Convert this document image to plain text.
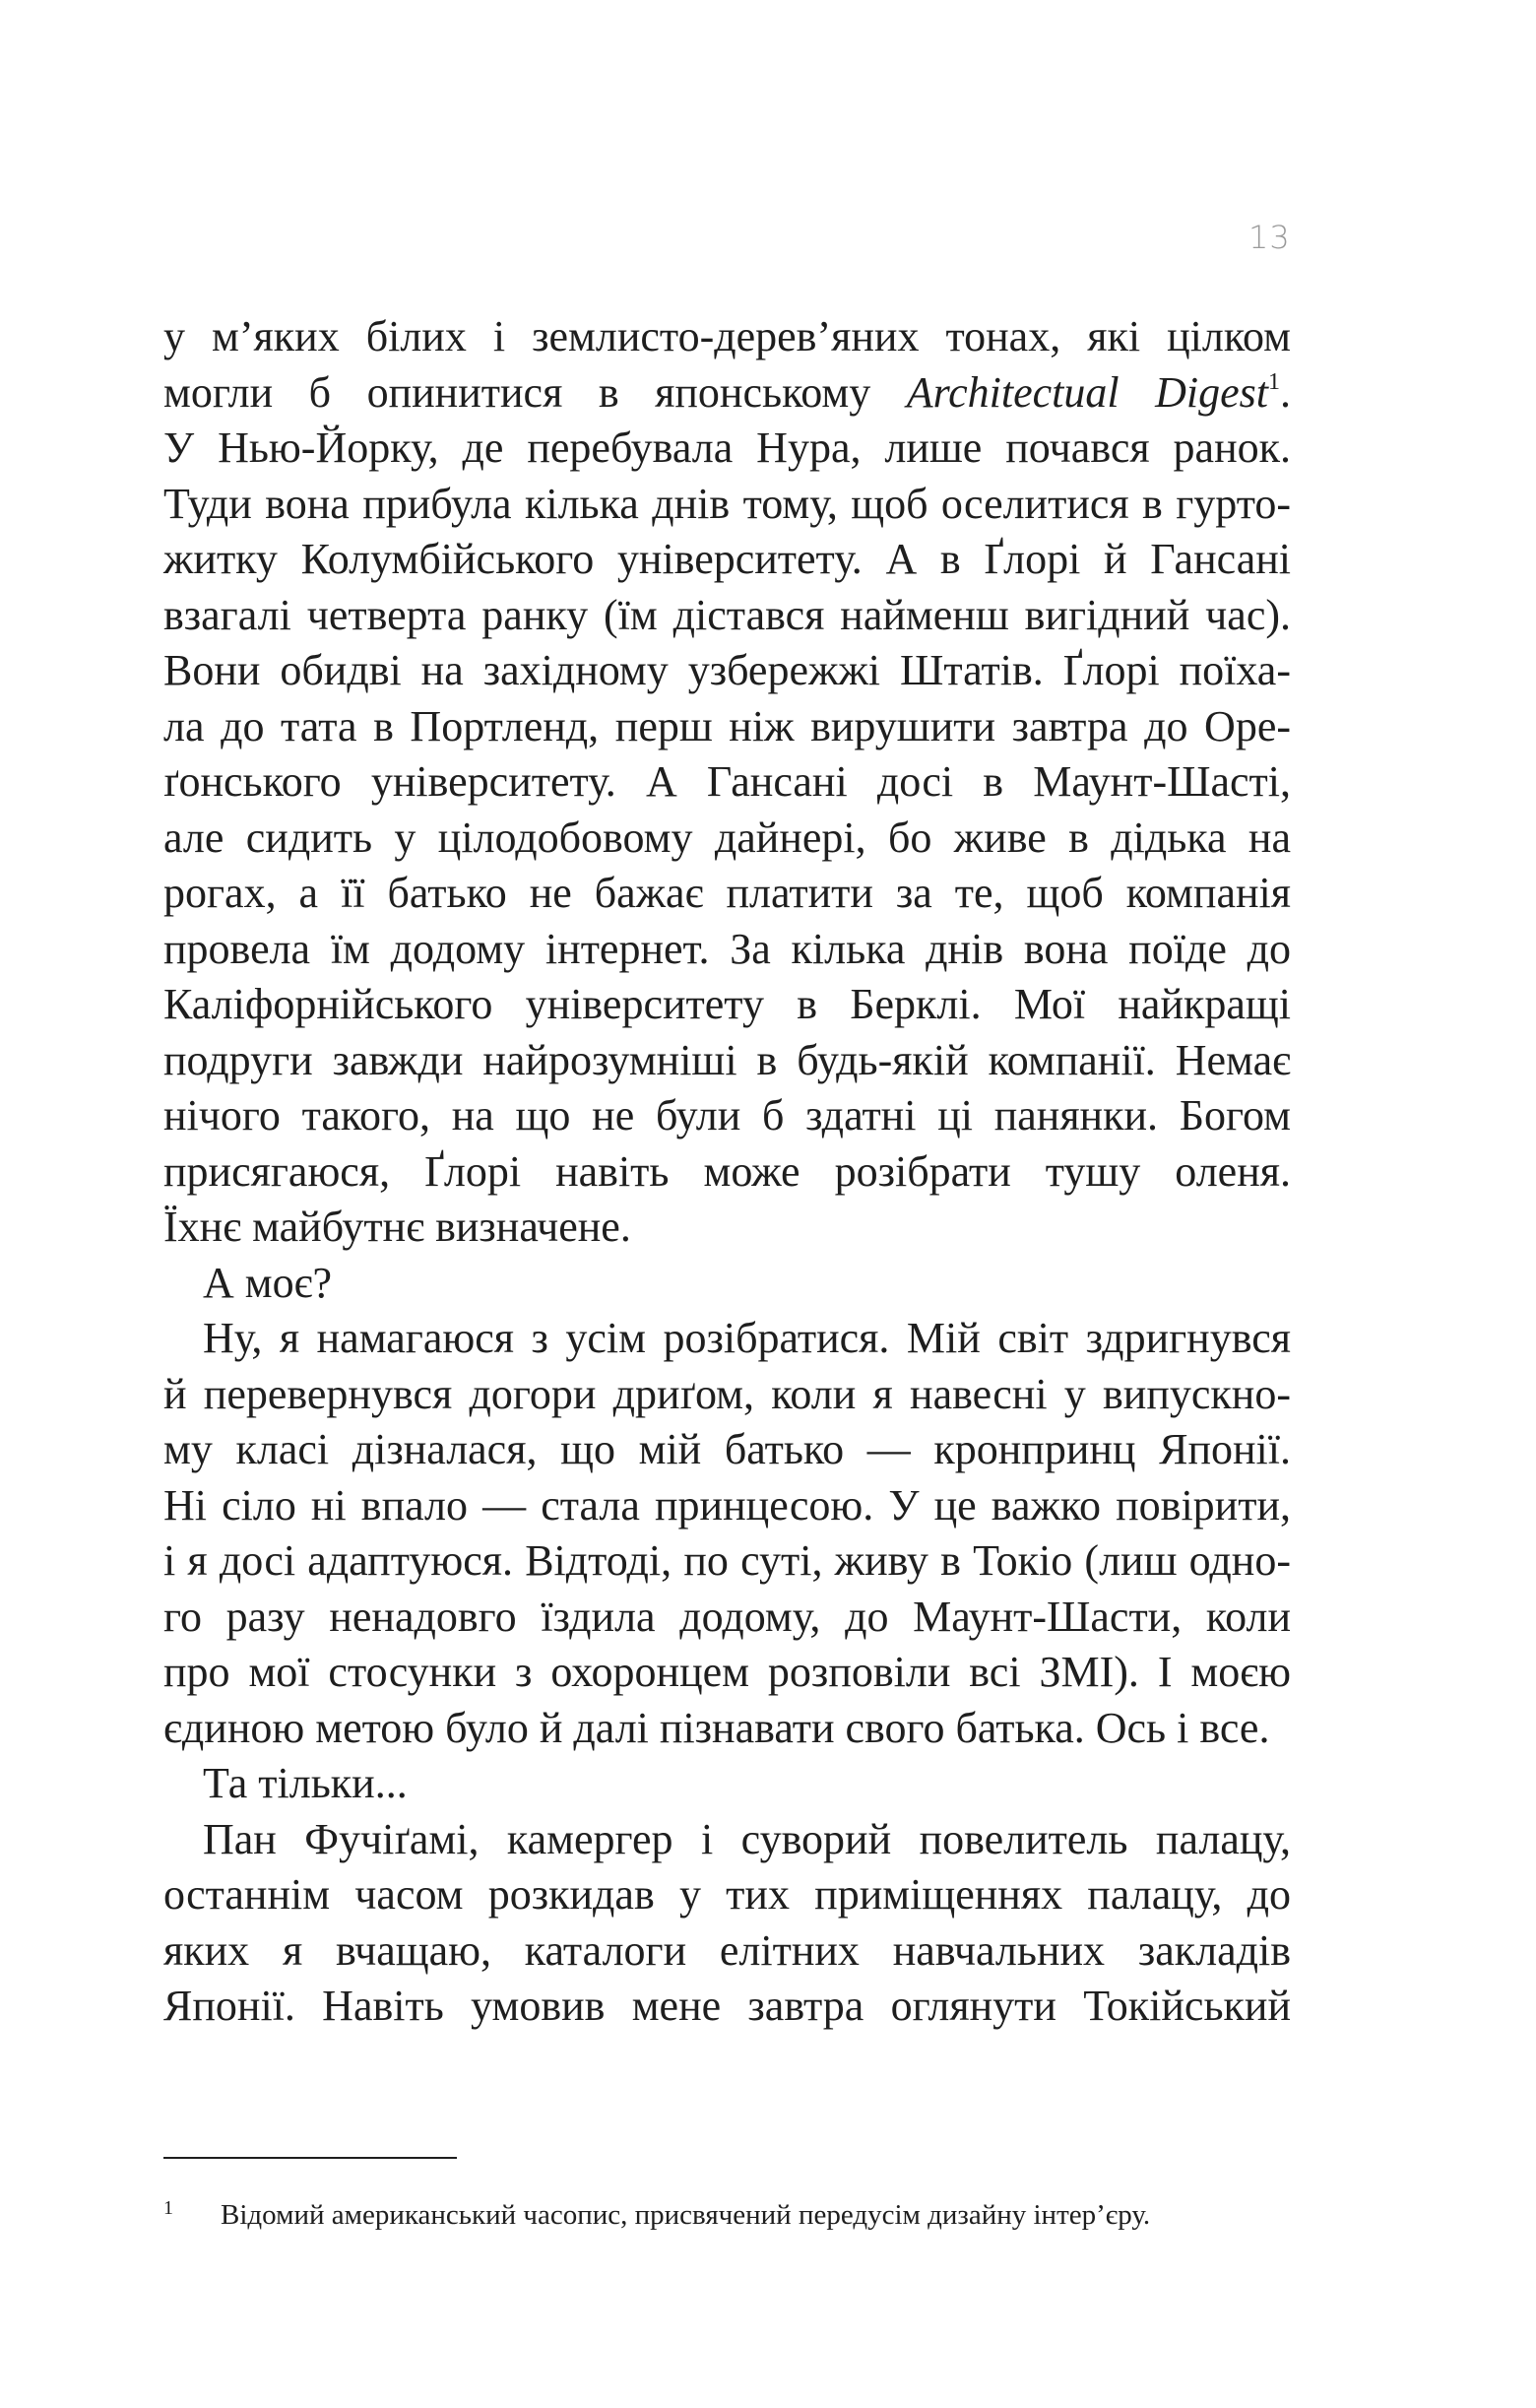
13
у м’яких білих і землисто-дерев’яних тонах, які цілком
могли б опинитися в японському Architectual Digest$^1$.
У Нью-Йорку, де перебувала Нура, лише почався ранок.
Туди вона прибула кілька днів тому, щоб оселитися в гурто-
житку Колумбійського університету. А в Ґлорі й Гансані
взагалі четверта ранку (їм дістався найменш вигідний час).
Вони обидві на західному узбережжі Штатів. Ґлорі поїха-
ла до тата в Портленд, перш ніж вирушити завтра до Оре-
ґонського університету. А Гансані досі в Маунт-Шасті,
але сидить у цілодобовому дайнері, бо живе в дідька на
рогах, а її батько не бажає платити за те, щоб компанія
провела їм додому інтернет. За кілька днів вона поїде до
Каліфорнійського університету в Берклі. Мої найкращі
подруги завжди найрозумніші в будь-якій компанії. Немає
нічого такого, на що не були б здатні ці панянки. Богом
присягаюся, Ґлорі навіть може розібрати тушу оленя.
Їхнє майбутнє визначене.
А моє?
Ну, я намагаюся з усім розібратися. Мій світ здригнувся
й перевернувся догори дриґом, коли я навесні у випускно-
му класі дізналася, що мій батько — кронпринц Японії.
Ні сіло ні впало — стала принцесою. У це важко повірити,
і я досі адаптуюся. Відтоді, по суті, живу в Токіо (лиш одно-
го разу ненадовго їздила додому, до Маунт-Шасти, коли
про мої стосунки з охоронцем розповіли всі ЗМІ). І моєю
єдиною метою було й далі пізнавати свого батька. Ось і все.
Та тільки...
Пан Фучіґамі, камергер і суворий повелитель палацу,
останнім часом розкидав у тих приміщеннях палацу, до
яких я вчащаю, каталоги елітних навчальних закладів
Японії. Навіть умовив мене завтра оглянути Токійський
1 Відомий американський часопис, присвячений передусім дизайну інтер’єру.
